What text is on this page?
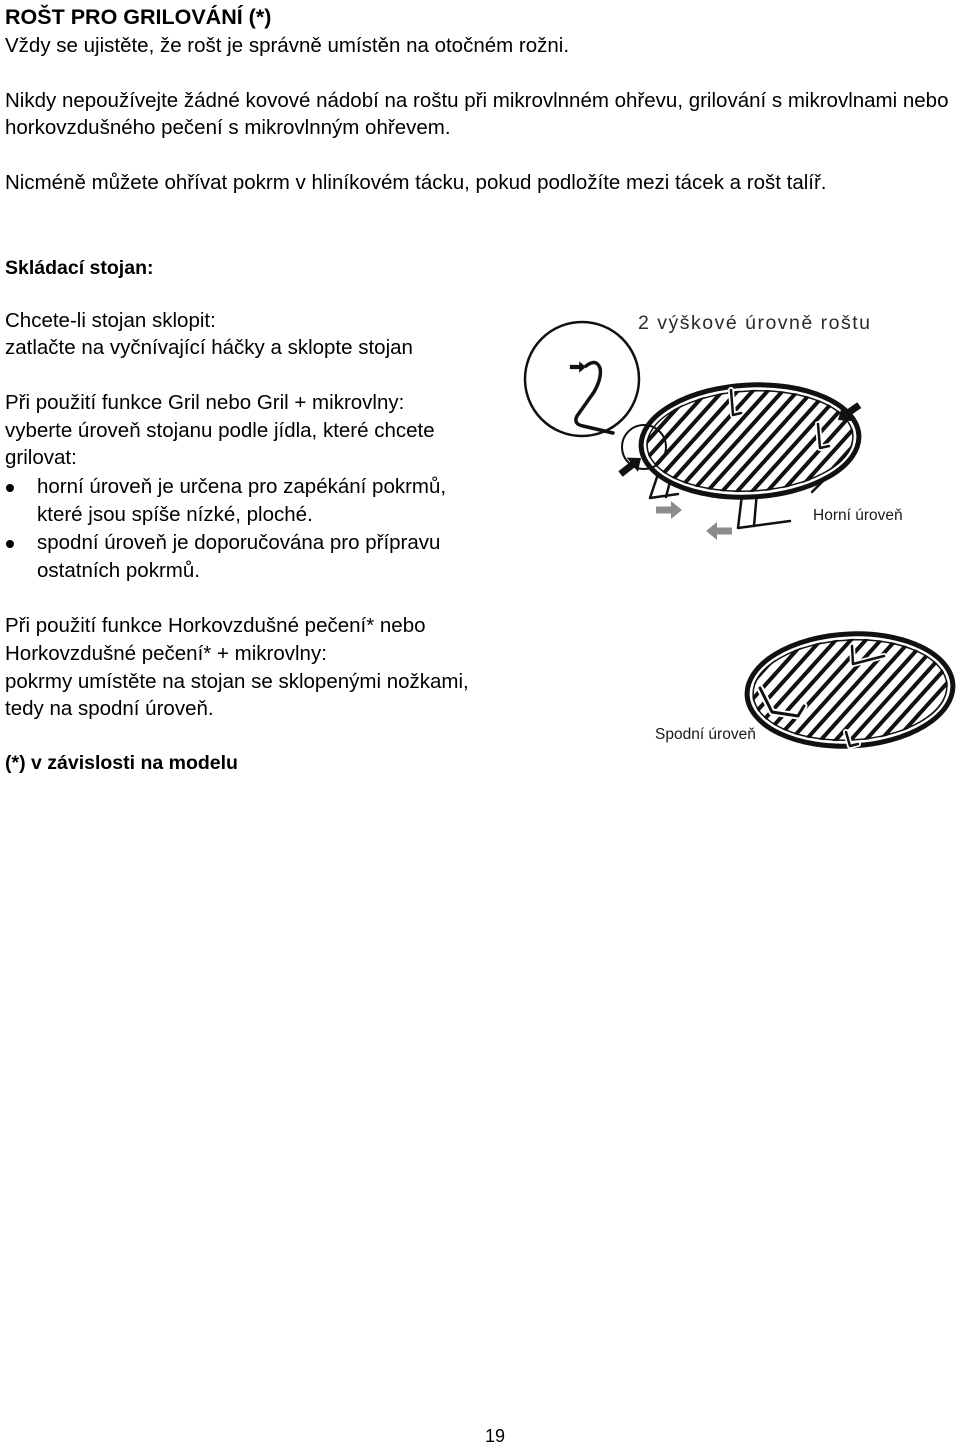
ROŠT PRO GRILOVÁNÍ (*)
Vždy se ujistěte, že rošt je správně umístěn na otočném rožni.
Nikdy nepoužívejte žádné kovové nádobí na roštu při mikrovlnném ohřevu, grilování s mikrovlnami nebo
horkovzdušného pečení s mikrovlnným ohřevem.
Nicméně můžete ohřívat pokrm v hliníkovém tácku, pokud podložíte mezi tácek a rošt talíř.
Skládací stojan:
Chcete-li stojan sklopit:
zatlačte na vyčnívající háčky a sklopte stojan
Při použití funkce Gril nebo Gril + mikrovlny:
vyberte úroveň stojanu podle jídla, které chcete
grilovat:
horní úroveň je určena pro zapékání pokrmů,
které jsou spíše nízké, ploché.
spodní úroveň je doporučována pro přípravu
ostatních pokrmů.
Při použití funkce Horkovzdušné pečení* nebo
Horkovzdušné pečení* + mikrovlny:
pokrmy umístěte na stojan se sklopenými nožkami,
tedy na spodní úroveň.
(*) v závislosti na modelu
2 výškové úrovně roštu
Horní úroveň
Spodní úroveň
19
